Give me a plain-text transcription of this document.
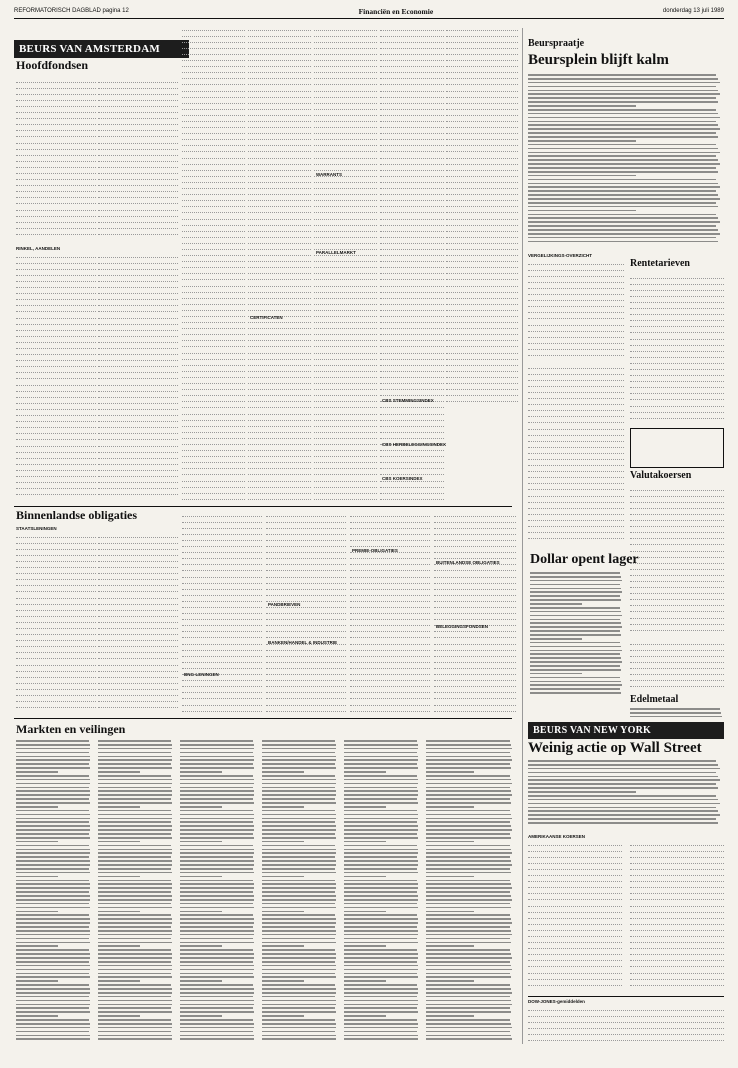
REFORMATORISCH DAGBLAD pagina 12	Financiën en Economie	donderdag 13 juli 1989
BEURS VAN AMSTERDAM
Hoofdfondsen
RINKEL, AANDELEN
CERTIFICATEN
WARRANTS
PARALLELMARKT
CBS STEMMINGSINDEX
CBS HERBELEGGINGSINDEX
CBS KOERSINDEX
Binnenlandse obligaties
STAATSLENINGEN
BNG-LENINGEN
PANDBRIEVEN
BANKEN/HANDEL & INDUSTRIE
PREMIE-OBLIGATIES
BUITENLANDSE OBLIGATIES
BELEGGINGSFONDSEN
Markten en veilingen
Beurspraatje
Beursplein blijft kalm
VERGELIJKINGS-OVERZICHT
Rentetarieven
Valutakoersen
Dollar opent lager
Edelmetaal
BEURS VAN NEW YORK
Weinig actie op Wall Street
AMERIKAANSE KOERSEN
DOW-JONES-gemiddelden
